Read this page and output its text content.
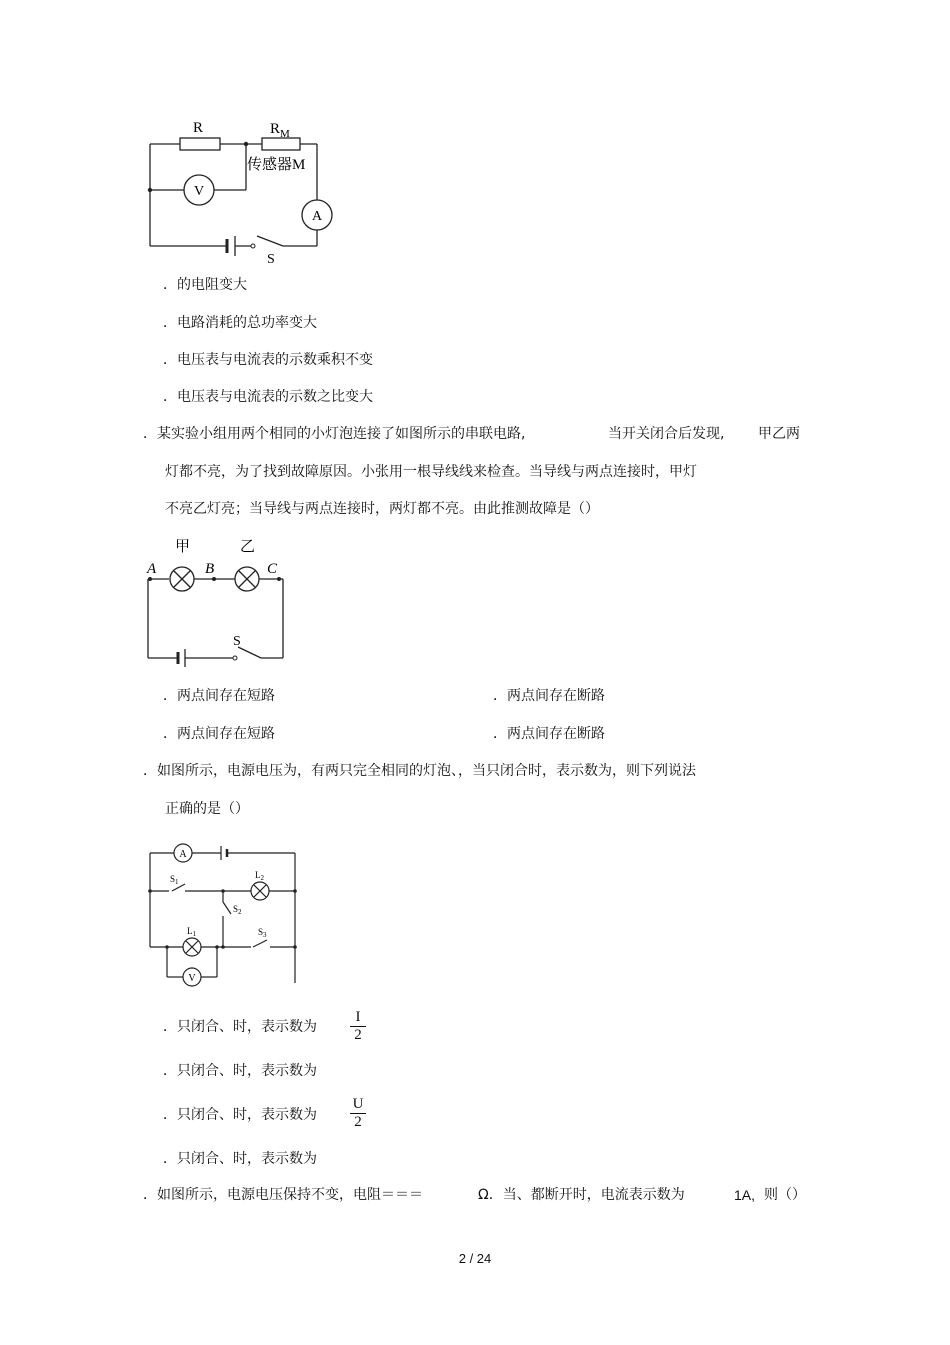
R	$R_M$
传感器M
V
A
S
．的电阻变大
．电路消耗的总功率变大
．电压表与电流表的示数乘积不变
．电压表与电流表的示数之比变大
．某实验小组用两个相同的小灯泡连接了如图所示的串联电路,	当开关闭合后发现, 甲乙两
灯都不亮，为了找到故障原因。小张用一根导线线来检查。当导线与两点连接时，甲灯
不亮乙灯亮；当导线与两点连接时，两灯都不亮。由此推测故障是（）
甲	乙
A	B	C
S
．两点间存在短路	．两点间存在断路
．两点间存在短路	．两点间存在断路
．如图所示，电源电压为，有两只完全相同的灯泡、，当只闭合时，表示数为，则下列说法
正确的是（）
A
V
$L_2$
$L_1$
$S_1$
$S_2$
$S_3$
．只闭合、时，表示数为 $\frac{I}{2}$
．只闭合、时，表示数为
．只闭合、时，表示数为 $\frac{U}{2}$
．只闭合、时，表示数为
．如图所示，电源电压保持不变，电阻＝＝＝	Ω．当、都断开时，电流表示数为	1A, 则（）
2 / 24
